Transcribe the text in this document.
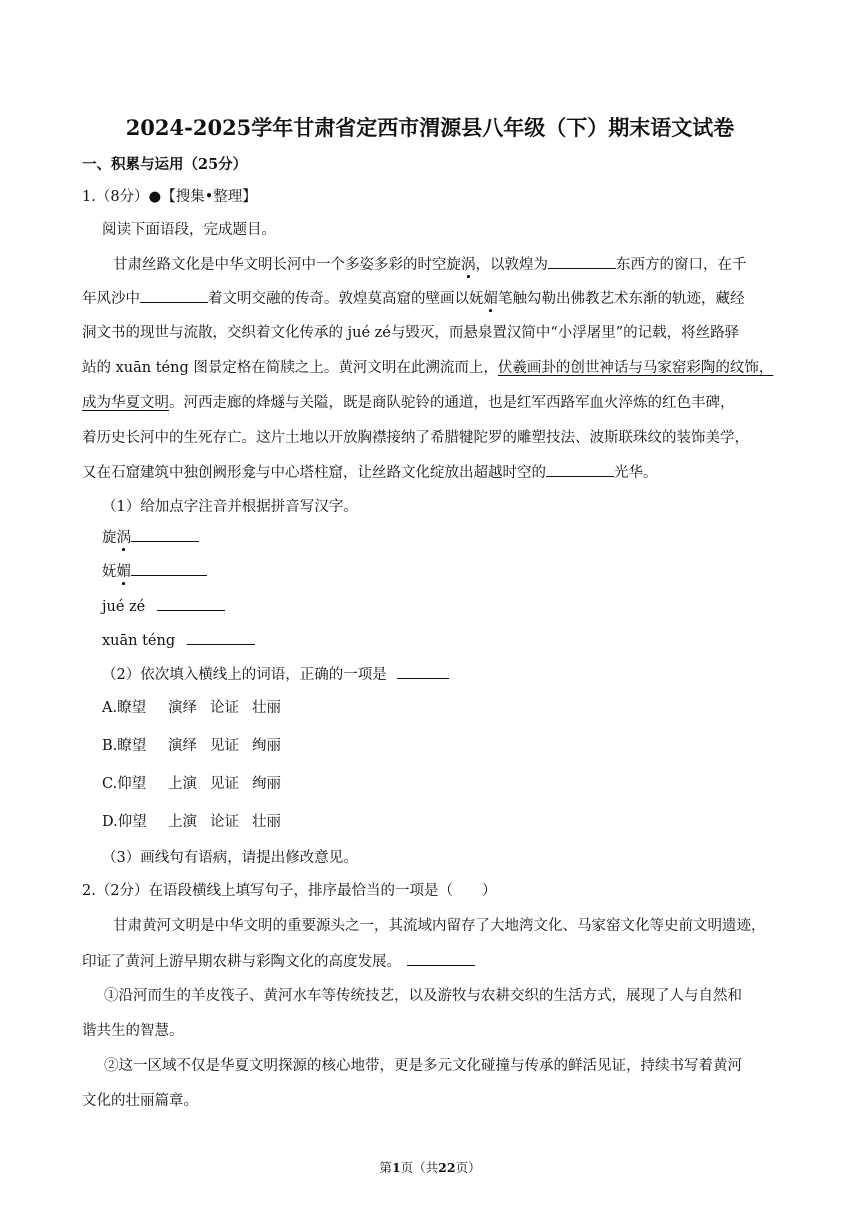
2024-2025学年甘肃省定西市渭源县八年级（下）期末语文试卷
一、积累与运用（25分）
1.（8分）●【搜集•整理】
阅读下面语段，完成题目。
甘肃丝路文化是中华文明长河中一个多姿多彩的时空旋涡，以敦煌为	东西方的窗口，在千
年风沙中	着文明交融的传奇。敦煌莫高窟的壁画以妩媚笔触勾勒出佛教艺术东渐的轨迹，藏经
洞文书的现世与流散，交织着文化传承的 jué zé与毁灭，而悬泉置汉简中“小浮屠里”的记载，将丝路驿
站的 xuān téng 图景定格在简牍之上。黄河文明在此溯流而上，伏羲画卦的创世神话与马家窑彩陶的纹饰，
成为华夏文明。河西走廊的烽燧与关隘，既是商队驼铃的通道，也是红军西路军血火淬炼的红色丰碑，
着历史长河中的生死存亡。这片土地以开放胸襟接纳了希腊犍陀罗的雕塑技法、波斯联珠纹的装饰美学，
又在石窟建筑中独创阙形龛与中心塔柱窟，让丝路文化绽放出超越时空的	光华。
（1）给加点字注音并根据拼音写汉字。
旋涡
妩媚
jué zé
xuān téng
（2）依次填入横线上的词语，正确的一项是
A.瞭望 演绎 论证 壮丽
B.瞭望 演绎 见证 绚丽
C.仰望 上演 见证 绚丽
D.仰望 上演 论证 壮丽
（3）画线句有语病，请提出修改意见。
2.（2分）在语段横线上填写句子，排序最恰当的一项是（　　）
甘肃黄河文明是中华文明的重要源头之一，其流域内留存了大地湾文化、马家窑文化等史前文明遗迹，
印证了黄河上游早期农耕与彩陶文化的高度发展。
①沿河而生的羊皮筏子、黄河水车等传统技艺，以及游牧与农耕交织的生活方式，展现了人与自然和
谐共生的智慧。
②这一区域不仅是华夏文明探源的核心地带，更是多元文化碰撞与传承的鲜活见证，持续书写着黄河
文化的壮丽篇章。
第1页（共22页）
